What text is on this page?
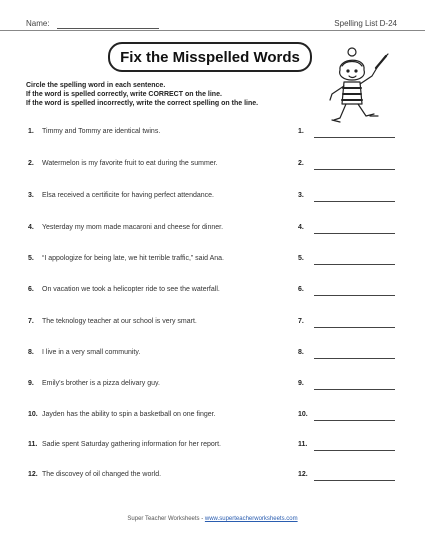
Name:	Spelling List D-24
Fix the Misspelled Words
Circle the spelling word in each sentence.
If the word is spelled correctly, write CORRECT on the line.
If the word is spelled incorrectly, write the correct spelling on the line.
1. Timmy and Tommy are identical twins.	1.
2. Watermelon is my favorite fruit to eat during the summer.	2.
3. Elsa received a certificite for having perfect attendance.	3.
4. Yesterday my mom made macaroni and cheese for dinner.	4.
5. “I appologize for being late, we hit terrible traffic,” said Ana.	5.
6. On vacation we took a helicopter ride to see the waterfall.	6.
7. The teknology teacher at our school is very smart.	7.
8. I live in a very small community.	8.
9. Emily's brother is a pizza delivary guy.	9.
10. Jayden has the ability to spin a basketball on one finger.	10.
11. Sadie spent Saturday gathering information for her report.	11.
12. The discovey of oil changed the world.	12.
Super Teacher Worksheets - www.superteacherworksheets.com
